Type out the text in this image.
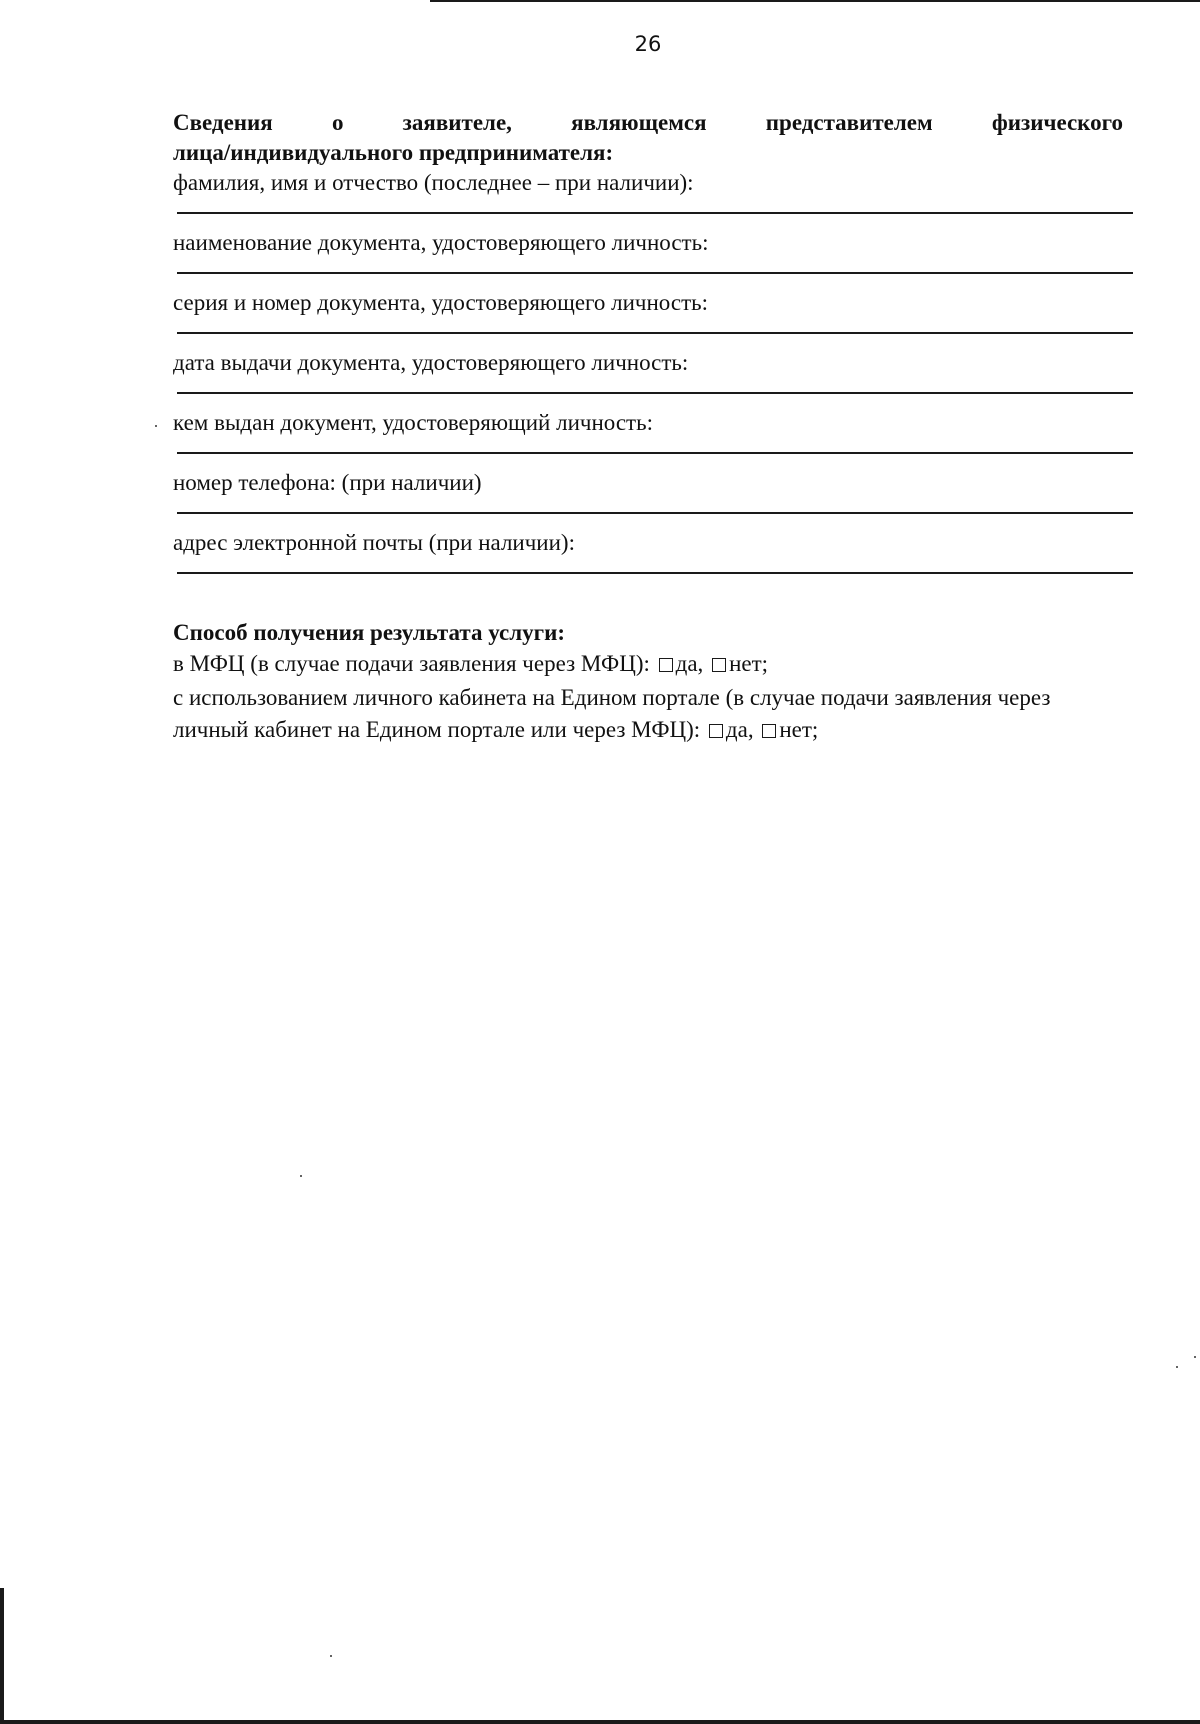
26
Сведения	о	заявителе,	являющемся	представителем	физического
лица/индивидуального предпринимателя:
фамилия, имя и отчество (последнее – при наличии):
наименование документа, удостоверяющего личность:
серия и номер документа, удостоверяющего личность:
дата выдачи документа, удостоверяющего личность:
кем выдан документ, удостоверяющий личность:
номер телефона: (при наличии)
адрес электронной почты (при наличии):
Способ получения результата услуги:
в МФЦ (в случае подачи заявления через МФЦ): да, нет;
с использованием личного кабинета на Едином портале (в случае подачи заявления через
личный кабинет на Едином портале или через МФЦ): да, нет;
